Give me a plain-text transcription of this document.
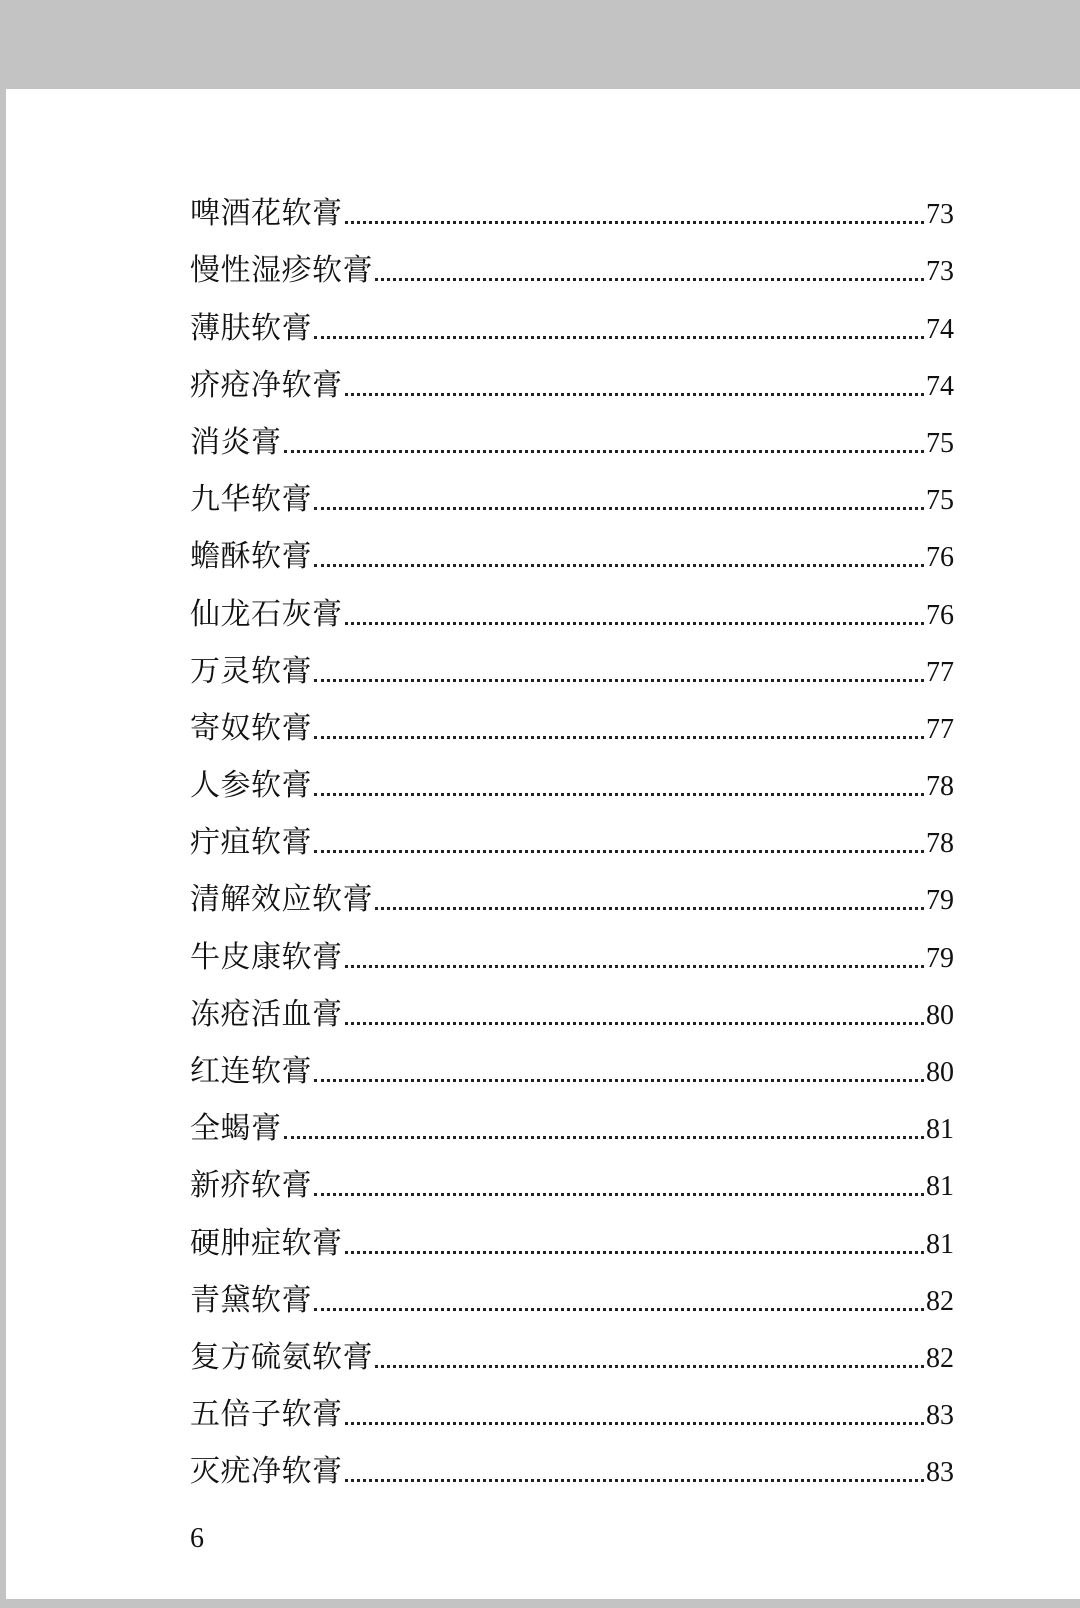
啤酒花软膏	73
慢性湿疹软膏	73
薄肤软膏	74
疥疮净软膏	74
消炎膏	75
九华软膏	75
蟾酥软膏	76
仙龙石灰膏	76
万灵软膏	77
寄奴软膏	77
人参软膏	78
疔疽软膏	78
清解效应软膏	79
牛皮康软膏	79
冻疮活血膏	80
红连软膏	80
全蝎膏	81
新疥软膏	81
硬肿症软膏	81
青黛软膏	82
复方硫氨软膏	82
五倍子软膏	83
灭疣净软膏	83
6
